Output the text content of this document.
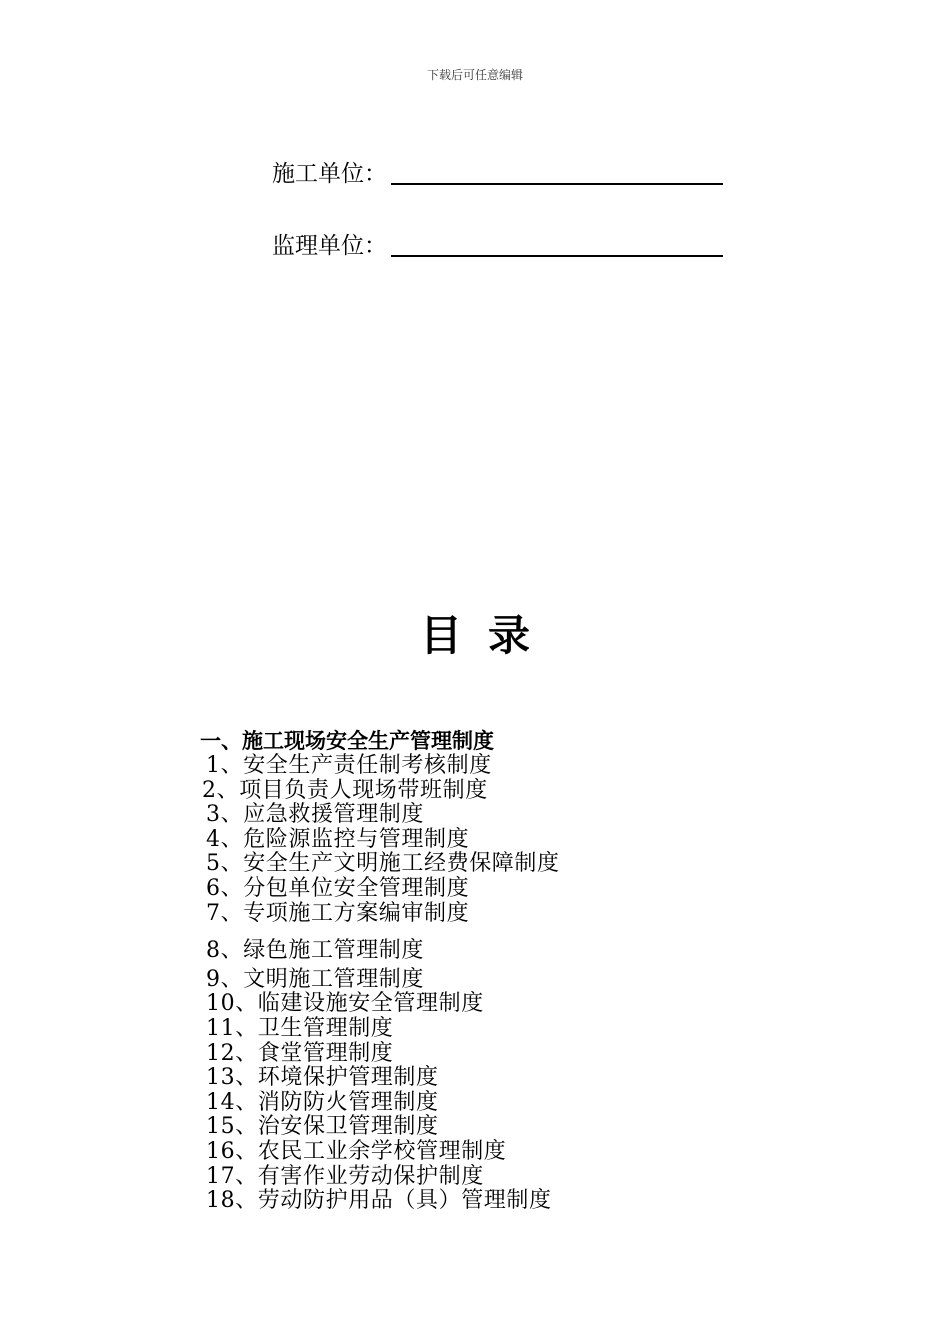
下载后可任意编辑
施工单位：
监理单位：
目录
一、施工现场安全生产管理制度
1、安全生产责任制考核制度
2、项目负责人现场带班制度
3、应急救援管理制度
4、危险源监控与管理制度
5、安全生产文明施工经费保障制度
6、分包单位安全管理制度
7、专项施工方案编审制度
8、绿色施工管理制度
9、文明施工管理制度
10、临建设施安全管理制度
11、卫生管理制度
12、食堂管理制度
13、环境保护管理制度
14、消防防火管理制度
15、治安保卫管理制度
16、农民工业余学校管理制度
17、有害作业劳动保护制度
18、劳动防护用品（具）管理制度
